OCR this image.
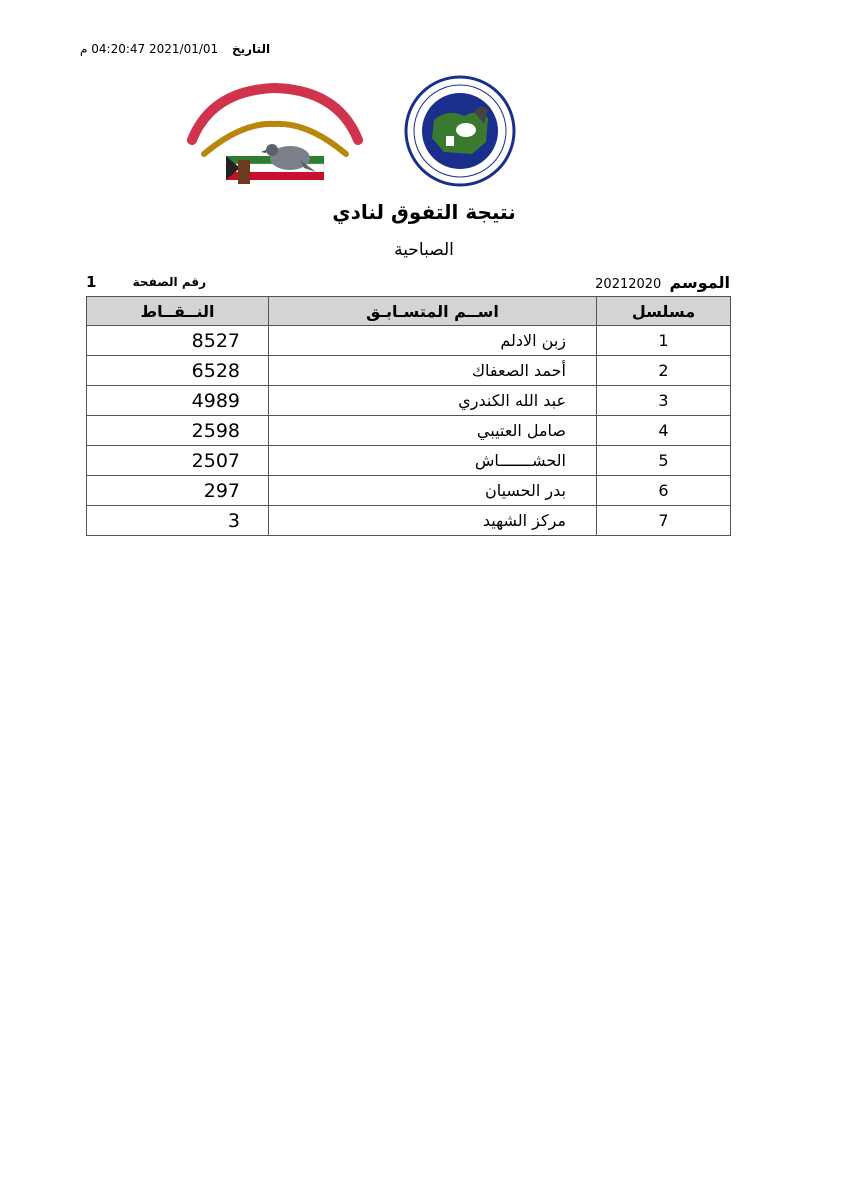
التاريخ 2021/01/01 04:20:47 م
نتيجة التفوق لنادي
الصباحية
الموسم 20212020
رقم الصفحة
1
مسلسل	اســم المتسـابـق	النــقــاط
1	زبن الادلم	8527
2	أحمد الصعفاك	6528
3	عبد الله الكندري	4989
4	صامل العتيبي	2598
5	الحشـــــــاش	2507
6	بدر الحسيان	297
7	مركز الشهيد	3
